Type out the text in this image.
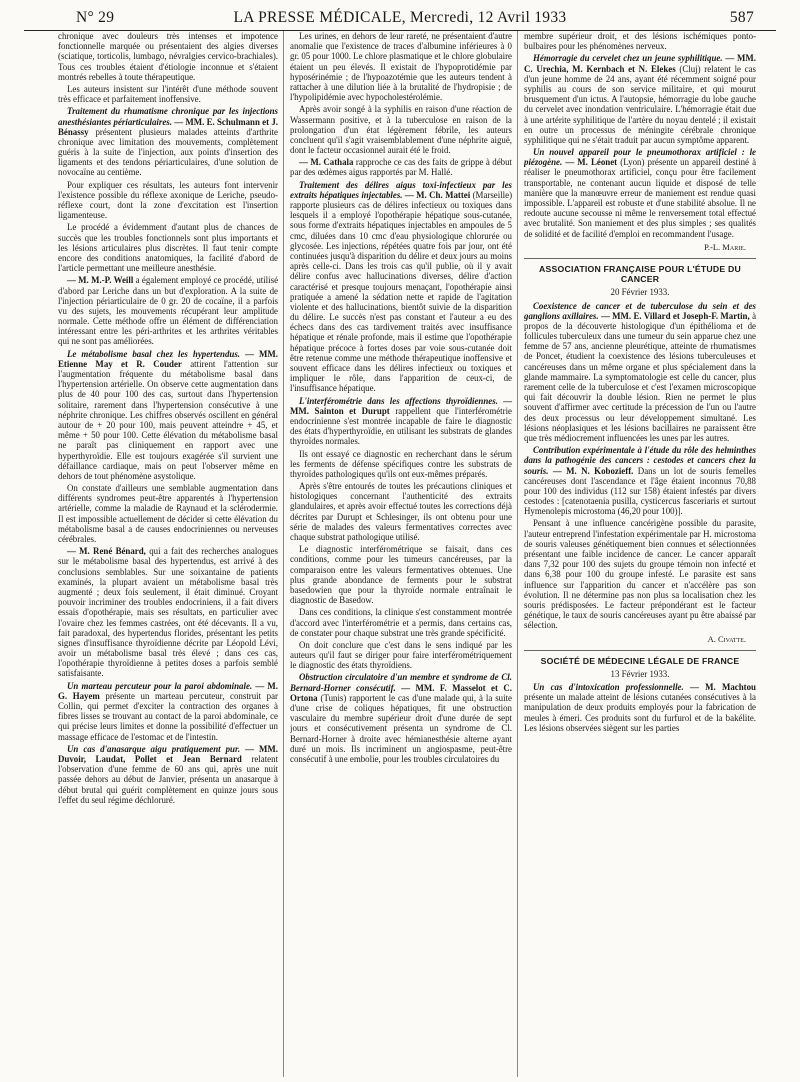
N° 29	LA PRESSE MÉDICALE, Mercredi, 12 Avril 1933	587

chronique avec douleurs très intenses et impotence fonctionnelle marquée ou présentaient des algies diverses (sciatique, torticolis, lumbago, névralgies cervico-brachiales). Tous ces troubles étaient d'étiologie inconnue et s'étaient montrés rebelles à toute thérapeutique.

Les auteurs insistent sur l'intérêt d'une méthode souvent très efficace et parfaitement inoffensive.

Traitement du rhumatisme chronique par les injections anesthésiantes périarticulaires. — MM. E. Schulmann et J. Bénassy présentent plusieurs malades atteints d'arthrite chronique avec limitation des mouvements, complètement guéris à la suite de l'injection, aux points d'insertion des ligaments et des tendons périarticulaires, d'une solution de novocaïne au centième.

Pour expliquer ces résultats, les auteurs font intervenir l'existence possible du réflexe axonique de Leriche, pseudo-réflexe court, dont la zone d'excitation est l'insertion ligamenteuse.

Le procédé a évidemment d'autant plus de chances de succès que les troubles fonctionnels sont plus importants et les lésions articulaires plus discrètes. Il faut tenir compte encore des conditions anatomiques, la facilité d'abord de l'article permettant une meilleure anesthésie.

— M. M.-P. Weill a également employé ce procédé, utilisé d'abord par Leriche dans un but d'exploration. A la suite de l'injection périarticulaire de 0 gr. 20 de cocaïne, il a parfois vu des sujets, les mouvements récupérant leur amplitude normale. Cette méthode offre un élément de différenciation intéressant entre les péri-arthrites et les arthrites véritables qui ne sont pas améliorées.

Le métabolisme basal chez les hypertendus. — MM. Etienne May et R. Couder attirent l'attention sur l'augmentation fréquente du métabolisme basal dans l'hypertension artérielle. On observe cette augmentation dans plus de 40 pour 100 des cas, surtout dans l'hypertension solitaire, rarement dans l'hypertension consécutive à une néphrite chronique. Les chiffres observés oscillent en général autour de + 20 pour 100, mais peuvent atteindre + 45, et même + 50 pour 100. Cette élévation du métabolisme basal ne paraît pas cliniquement en rapport avec une hyperthyroïdie. Elle est toujours exagérée s'il survient une défaillance cardiaque, mais on peut l'observer même en dehors de tout phénomène asystolique.

On constate d'ailleurs une semblable augmentation dans différents syndromes peut-être apparentés à l'hypertension artérielle, comme la maladie de Raynaud et la sclérodermie. Il est impossible actuellement de décider si cette élévation du métabolisme basal a de causes endocriniennes ou nerveuses cérébrales.

— M. René Bénard, qui a fait des recherches analogues sur le métabolisme basal des hypertendus, est arrivé à des conclusions semblables. Sur une soixantaine de patients examinés, la plupart avaient un métabolisme basal très augmenté ; deux fois seulement, il était diminué. Croyant pouvoir incriminer des troubles endocriniens, il a fait divers essais d'opothérapie, mais ses résultats, en particulier avec l'ovaire chez les femmes castrées, ont été décevants. Il a vu, fait paradoxal, des hypertendus florides, présentant les petits signes d'insuffisance thyroïdienne décrite par Léopold Lévi, avoir un métabolisme basal très élevé ; dans ces cas, l'opothérapie thyroïdienne à petites doses a parfois semblé satisfaisante.

Un marteau percuteur pour la paroi abdominale. — M. G. Hayem présente un marteau percuteur, construit par Collin, qui permet d'exciter la contraction des organes à fibres lisses se trouvant au contact de la paroi abdominale, ce qui précise leurs limites et donne la possibilité d'effectuer un massage efficace de l'estomac et de l'intestin.

Un cas d'anasarque aigu pratiquement pur. — MM. Duvoir, Laudat, Pollet et Jean Bernard relatent l'observation d'une femme de 60 ans qui, après une nuit passée dehors au début de Janvier, présenta un anasarque à début brutal qui guérit complètement en quinze jours sous l'effet du seul régime déchloruré.

Les urines, en dehors de leur rareté, ne présentaient d'autre anomalie que l'existence de traces d'albumine inférieures à 0 gr. 05 pour 1000. Le chlore plasmatique et le chlore globulaire étaient un peu élevés. Il existait de l'hypoprotidémie par hyposérinémie ; de l'hypoazotémie que les auteurs tendent à rattacher à une dilution liée à la brutalité de l'hydropisie ; de l'hypolipidémie avec hypocholestérolémie.

Après avoir songé à la syphilis en raison d'une réaction de Wassermann positive, et à la tuberculose en raison de la prolongation d'un état légèrement fébrile, les auteurs concluent qu'il s'agit vraisemblablement d'une néphrite aiguë, dont le facteur occasionnel aurait été le froid.

— M. Cathala rapproche ce cas des faits de grippe à début par des œdèmes aigus rapportés par M. Hallé.

Traitement des délires aigus toxi-infectieux par les extraits hépatiques injectables. — M. Ch. Mattei (Marseille) rapporte plusieurs cas de délires infectieux ou toxiques dans lesquels il a employé l'opothérapie hépatique sous-cutanée, sous forme d'extraits hépatiques injectables en ampoules de 5 cmc, diluées dans 10 cmc d'eau physiologique chlorurée ou glycosée. Les injections, répétées quatre fois par jour, ont été continuées jusqu'à disparition du délire et deux jours au moins après celle-ci. Dans les trois cas qu'il publie, où il y avait délire confus avec hallucinations diverses, délire d'action caractérisé et presque toujours menaçant, l'opothérapie ainsi pratiquée a amené la sédation nette et rapide de l'agitation violente et des hallucinations, bientôt suivie de la disparition du délire. Le succès n'est pas constant et l'auteur a eu des échecs dans des cas tardivement traités avec insuffisance hépatique et rénale profonde, mais il estime que l'opothérapie hépatique précoce à fortes doses par voie sous-cutanée doit être retenue comme une méthode thérapeutique inoffensive et souvent efficace dans les délires infectieux ou toxiques et impliquer le rôle, dans l'apparition de ceux-ci, de l'insuffisance hépatique.

L'interférométrie dans les affections thyroïdiennes. — MM. Sainton et Durupt rappellent que l'interférométrie endocrinienne s'est montrée incapable de faire le diagnostic des états d'hyperthyroïdie, en utilisant les substrats de glandes thyroïdes normales.

Ils ont essayé ce diagnostic en recherchant dans le sérum les ferments de défense spécifiques contre les substrats de thyroïdes pathologiques qu'ils ont eux-mêmes préparés.

Après s'être entourés de toutes les précautions cliniques et histologiques concernant l'authenticité des extraits glandulaires, et après avoir effectué toutes les corrections déjà décrites par Durupt et Schlesinger, ils ont obtenu pour une série de malades des valeurs fermentatives correctes avec chaque substrat pathologique utilisé.

Le diagnostic interférométrique se faisait, dans ces conditions, comme pour les tumeurs cancéreuses, par la comparaison entre les valeurs fermentatives obtenues. Une plus grande abondance de ferments pour le substrat basedowien que pour la thyroïde normale entraînait le diagnostic de Basedow.

Dans ces conditions, la clinique s'est constamment montrée d'accord avec l'interférométrie et a permis, dans certains cas, de constater pour chaque substrat une très grande spécificité.

On doit conclure que c'est dans le sens indiqué par les auteurs qu'il faut se diriger pour faire interférométriquement le diagnostic des états thyroïdiens.

Obstruction circulatoire d'un membre et syndrome de Cl. Bernard-Horner consécutif. — MM. F. Masselot et C. Ortona (Tunis) rapportent le cas d'une malade qui, à la suite d'une crise de coliques hépatiques, fit une obstruction vasculaire du membre supérieur droit d'une durée de sept jours et consécutivement présenta un syndrome de Cl. Bernard-Horner à droite avec hémianesthésie alterne ayant duré un mois. Ils incriminent un angiospasme, peut-être consécutif à une embolie, pour les troubles circulatoires du

membre supérieur droit, et des lésions ischémiques ponto-bulbaires pour les phénomènes nerveux.

Hémorragie du cervelet chez un jeune syphilitique. — MM. C. Urechia, M. Kernbach et N. Elekes (Cluj) relatent le cas d'un jeune homme de 24 ans, ayant été récemment soigné pour syphilis au cours de son service militaire, et qui mourut brusquement d'un ictus. A l'autopsie, hémorragie du lobe gauche du cervelet avec inondation ventriculaire. L'hémorragie était due à une artérite syphilitique de l'artère du noyau dentelé ; il existait en outre un processus de méningite cérébrale chronique syphilitique qui ne s'était traduit par aucun symptôme apparent.

Un nouvel appareil pour le pneumothorax artificiel : le piézogène. — M. Léonet (Lyon) présente un appareil destiné à réaliser le pneumothorax artificiel, conçu pour être facilement transportable, ne contenant aucun liquide et disposé de telle manière que la manœuvre erreur de maniement est rendue quasi impossible. L'appareil est robuste et d'une stabilité absolue. Il ne redoute aucune secousse ni même le renversement total effectué avec brutalité. Son maniement et des plus simples ; ses qualités de solidité et de facilité d'emploi en recommandent l'usage.

P.-L. Marie.
ASSOCIATION FRANÇAISE POUR L'ÉTUDE DU CANCER
20 Février 1933.

Coexistence de cancer et de tuberculose du sein et des ganglions axillaires. — MM. E. Villard et Joseph-F. Martin, à propos de la découverte histologique d'un épithélioma et de follicules tuberculeux dans une tumeur du sein apparue chez une femme de 57 ans, ancienne pleurétique, atteinte de rhumatismes de Poncet, étudient la coexistence des lésions tuberculeuses et cancéreuses dans un même organe et plus spécialement dans la glande mammaire. La symptomatologie est celle du cancer, plus rarement celle de la tuberculose et c'est l'examen microscopique qui fait découvrir la double lésion. Rien ne permet le plus souvent d'affirmer avec certitude la précession de l'un ou l'autre des deux processus ou leur développement simultané. Les lésions néoplasiques et les lésions bacillaires ne paraissent être que très médiocrement influencées les unes par les autres.

Contribution expérimentale à l'étude du rôle des helminthes dans la pathogénie des cancers : cestodes et cancers chez la souris. — M. N. Kobozieff. Dans un lot de souris femelles cancéreuses dont l'ascendance et l'âge étaient inconnus 70,88 pour 100 des individus (112 sur 158) étaient infestés par divers cestodes : [catenotaenia pusilla, cysticercus fasceriaris et surtout Hymenolepis microstoma (46,20 pour 100)].

Pensant à une influence cancérigène possible du parasite, l'auteur entreprend l'infestation expérimentale par H. microstoma de souris valeuses génétiquement bien connues et sélectionnées présentant une faible incidence de cancer. Le cancer apparaît dans 7,32 pour 100 des sujets du groupe témoin non infecté et dans 6,38 pour 100 du groupe infesté. Le parasite est sans influence sur l'apparition du cancer et n'accélère pas son évolution. Il ne détermine pas non plus sa localisation chez les souris prédisposées. Le facteur prépondérant est le facteur génétique, le taux de souris cancéreuses ayant pu être abaissé par sélection.

A. Civatte.
SOCIÉTÉ DE MÉDECINE LÉGALE DE FRANCE
13 Février 1933.

Un cas d'intoxication professionnelle. — M. Machtou présente un malade atteint de lésions cutanées consécutives à la manipulation de deux produits employés pour la fabrication de meules à émeri. Ces produits sont du furfurol et de la bakélite. Les lésions observées siègent sur les parties
